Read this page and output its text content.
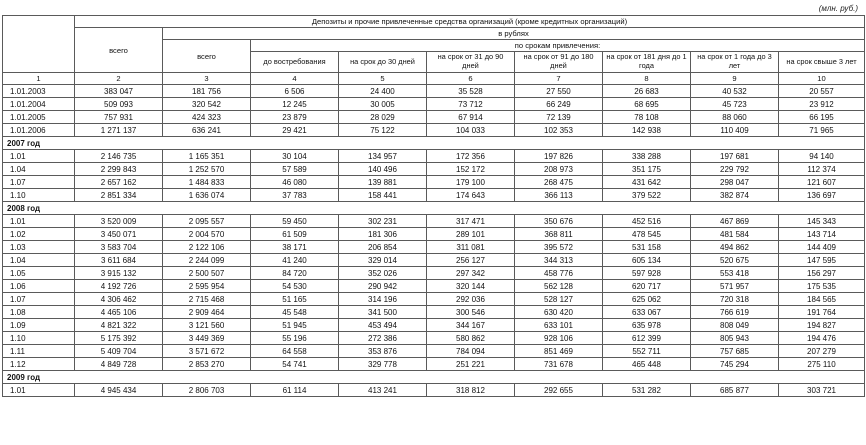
(млн. руб.)
	Депозиты и прочие привлеченные средства организаций (кроме кредитных организаций)								
	всего	в рублях							
		всего	по срокам привлечения:						
			до востребования	на срок до 30 дней	на срок от 31 до 90 дней	на срок от 91 до 180 дней	на срок от 181 дня до 1 года	на срок от 1 года до 3 лет	на срок свыше 3 лет
1	2	3	4	5	6	7	8	9	10
1.01.2003	383 047	181 756	6 506	24 400	35 528	27 550	26 683	40 532	20 557
1.01.2004	509 093	320 542	12 245	30 005	73 712	66 249	68 695	45 723	23 912
1.01.2005	757 931	424 323	23 879	28 029	67 914	72 139	78 108	88 060	66 195
1.01.2006	1 271 137	636 241	29 421	75 122	104 033	102 353	142 938	110 409	71 965
2007 год									
1.01	2 146 735	1 165 351	30 104	134 957	172 356	197 826	338 288	197 681	94 140
1.04	2 299 843	1 252 570	57 589	140 496	152 172	208 973	351 175	229 792	112 374
1.07	2 657 162	1 484 833	46 080	139 881	179 100	268 475	431 642	298 047	121 607
1.10	2 851 334	1 636 074	37 783	158 441	174 643	366 113	379 522	382 874	136 697
2008 год									
1.01	3 520 009	2 095 557	59 450	302 231	317 471	350 676	452 516	467 869	145 343
1.02	3 450 071	2 004 570	61 509	181 306	289 101	368 811	478 545	481 584	143 714
1.03	3 583 704	2 122 106	38 171	206 854	311 081	395 572	531 158	494 862	144 409
1.04	3 611 684	2 244 099	41 240	329 014	256 127	344 313	605 134	520 675	147 595
1.05	3 915 132	2 500 507	84 720	352 026	297 342	458 776	597 928	553 418	156 297
1.06	4 192 726	2 595 954	54 530	290 942	320 144	562 128	620 717	571 957	175 535
1.07	4 306 462	2 715 468	51 165	314 196	292 036	528 127	625 062	720 318	184 565
1.08	4 465 106	2 909 464	45 548	341 500	300 546	630 420	633 067	766 619	191 764
1.09	4 821 322	3 121 560	51 945	453 494	344 167	633 101	635 978	808 049	194 827
1.10	5 175 392	3 449 369	55 196	272 386	580 862	928 106	612 399	805 943	194 476
1.11	5 409 704	3 571 672	64 558	353 876	784 094	851 469	552 711	757 685	207 279
1.12	4 849 728	2 853 270	54 741	329 778	251 221	731 678	465 448	745 294	275 110
2009 год									
1.01	4 945 434	2 806 703	61 114	413 241	318 812	292 655	531 282	685 877	303 721
